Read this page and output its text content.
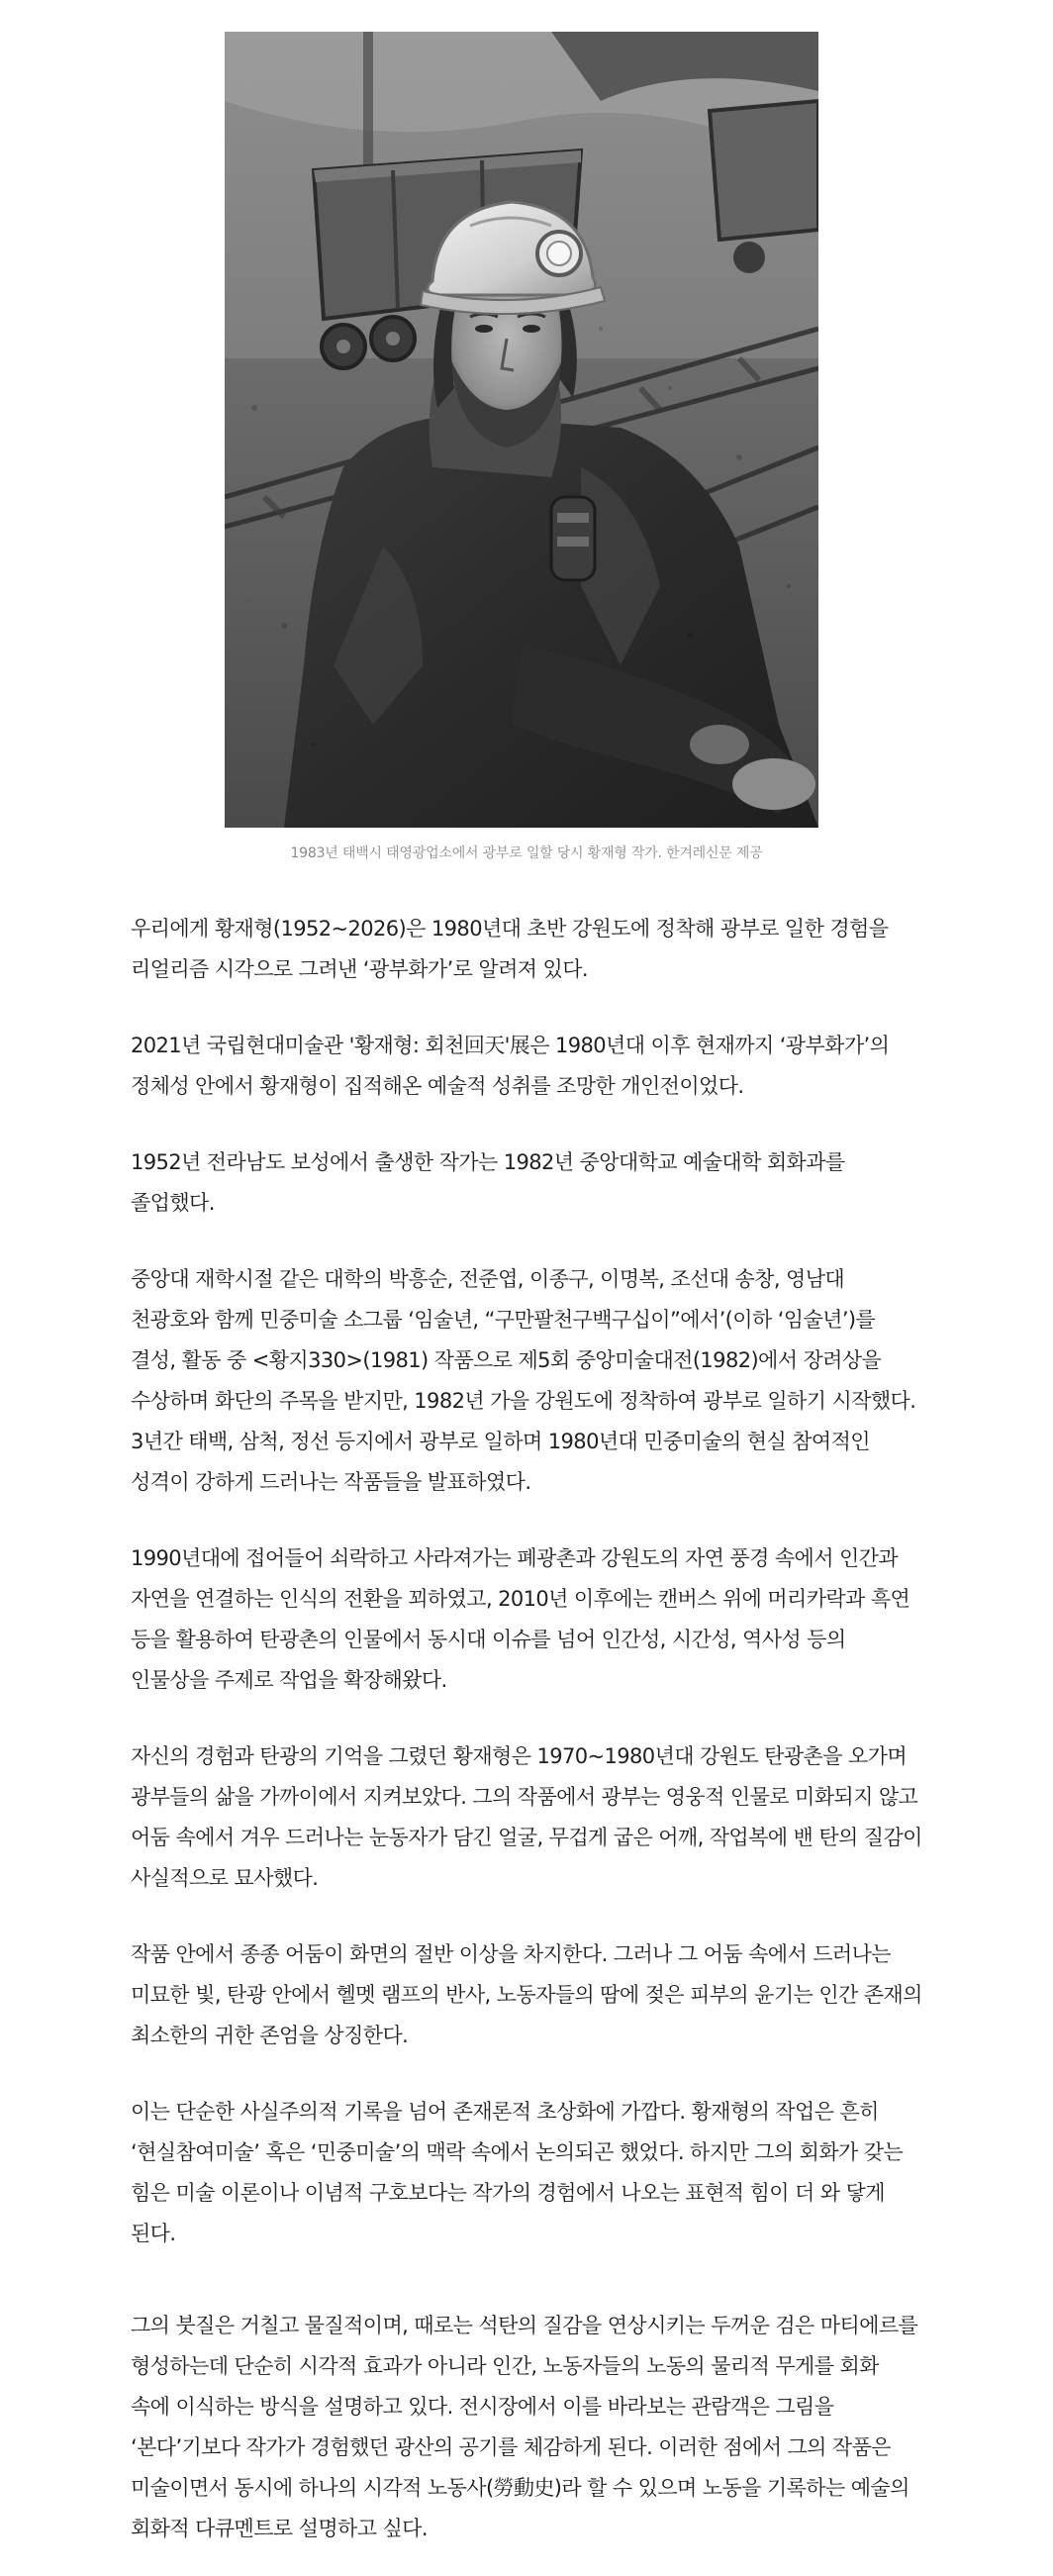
1983년 태백시 태영광업소에서 광부로 일할 당시 황재형 작가. 한겨레신문 제공

우리에게 황재형(1952~2026)은 1980년대 초반 강원도에 정착해 광부로 일한 경험을 리얼리즘 시각으로 그려낸 ‘광부화가’로 알려져 있다.

2021년 국립현대미술관 '황재형: 회천回天'展은 1980년대 이후 현재까지 ‘광부화가’의 정체성 안에서 황재형이 집적해온 예술적 성취를 조망한 개인전이었다.

1952년 전라남도 보성에서 출생한 작가는 1982년 중앙대학교 예술대학 회화과를 졸업했다.

중앙대 재학시절 같은 대학의 박흥순, 전준엽, 이종구, 이명복, 조선대 송창, 영남대 천광호와 함께 민중미술 소그룹 ‘임술년, “구만팔천구백구십이”에서’(이하 ‘임술년’)를 결성, 활동 중 <황지330>(1981) 작품으로 제5회 중앙미술대전(1982)에서 장려상을 수상하며 화단의 주목을 받지만, 1982년 가을 강원도에 정착하여 광부로 일하기 시작했다. 3년간 태백, 삼척, 정선 등지에서 광부로 일하며 1980년대 민중미술의 현실 참여적인 성격이 강하게 드러나는 작품들을 발표하였다.

1990년대에 접어들어 쇠락하고 사라져가는 폐광촌과 강원도의 자연 풍경 속에서 인간과 자연을 연결하는 인식의 전환을 꾀하였고, 2010년 이후에는 캔버스 위에 머리카락과 흑연 등을 활용하여 탄광촌의 인물에서 동시대 이슈를 넘어 인간성, 시간성, 역사성 등의 인물상을 주제로 작업을 확장해왔다.

자신의 경험과 탄광의 기억을 그렸던 황재형은 1970~1980년대 강원도 탄광촌을 오가며 광부들의 삶을 가까이에서 지켜보았다. 그의 작품에서 광부는 영웅적 인물로 미화되지 않고 어둠 속에서 겨우 드러나는 눈동자가 담긴 얼굴, 무겁게 굽은 어깨, 작업복에 밴 탄의 질감이 사실적으로 묘사했다.

작품 안에서 종종 어둠이 화면의 절반 이상을 차지한다. 그러나 그 어둠 속에서 드러나는 미묘한 빛, 탄광 안에서 헬멧 램프의 반사, 노동자들의 땀에 젖은 피부의 윤기는 인간 존재의 최소한의 귀한 존엄을 상징한다.

이는 단순한 사실주의적 기록을 넘어 존재론적 초상화에 가깝다. 황재형의 작업은 흔히 ‘현실참여미술’ 혹은 ‘민중미술’의 맥락 속에서 논의되곤 했었다. 하지만 그의 회화가 갖는 힘은 미술 이론이나 이념적 구호보다는 작가의 경험에서 나오는 표현적 힘이 더 와 닿게 된다.

그의 붓질은 거칠고 물질적이며, 때로는 석탄의 질감을 연상시키는 두꺼운 검은 마티에르를 형성하는데 단순히 시각적 효과가 아니라 인간, 노동자들의 노동의 물리적 무게를 회화 속에 이식하는 방식을 설명하고 있다. 전시장에서 이를 바라보는 관람객은 그림을 ‘본다’기보다 작가가 경험했던 광산의 공기를 체감하게 된다. 이러한 점에서 그의 작품은 미술이면서 동시에 하나의 시각적 노동사(勞動史)라 할 수 있으며 노동을 기록하는 예술의 회화적 다큐멘트로 설명하고 싶다.
